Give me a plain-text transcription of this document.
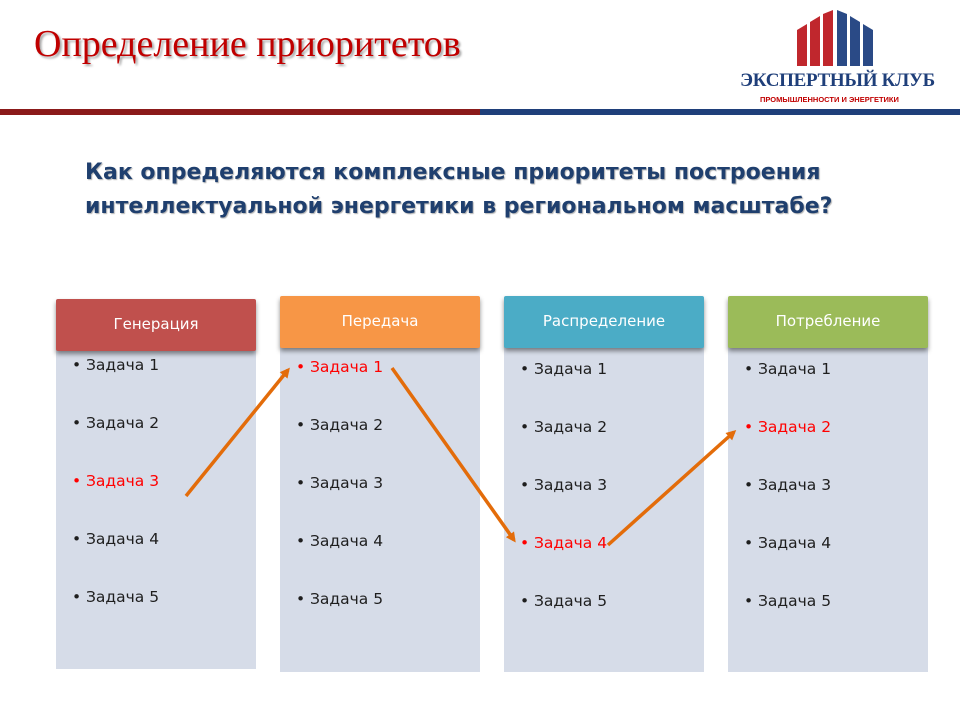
Определение приоритетов
ЭКСПЕРТНЫЙ КЛУБ
ПРОМЫШЛЕННОСТИ И ЭНЕРГЕТИКИ

Как определяются комплексные приоритеты построения интеллектуальной энергетики в региональном масштабе?

• Задача 1
• Задача 2
• Задача 3
• Задача 4
• Задача 5
Генерация
• Задача 1
• Задача 2
• Задача 3
• Задача 4
• Задача 5
Передача
• Задача 1
• Задача 2
• Задача 3
• Задача 4
• Задача 5
Распределение
• Задача 1
• Задача 2
• Задача 3
• Задача 4
• Задача 5
Потребление
